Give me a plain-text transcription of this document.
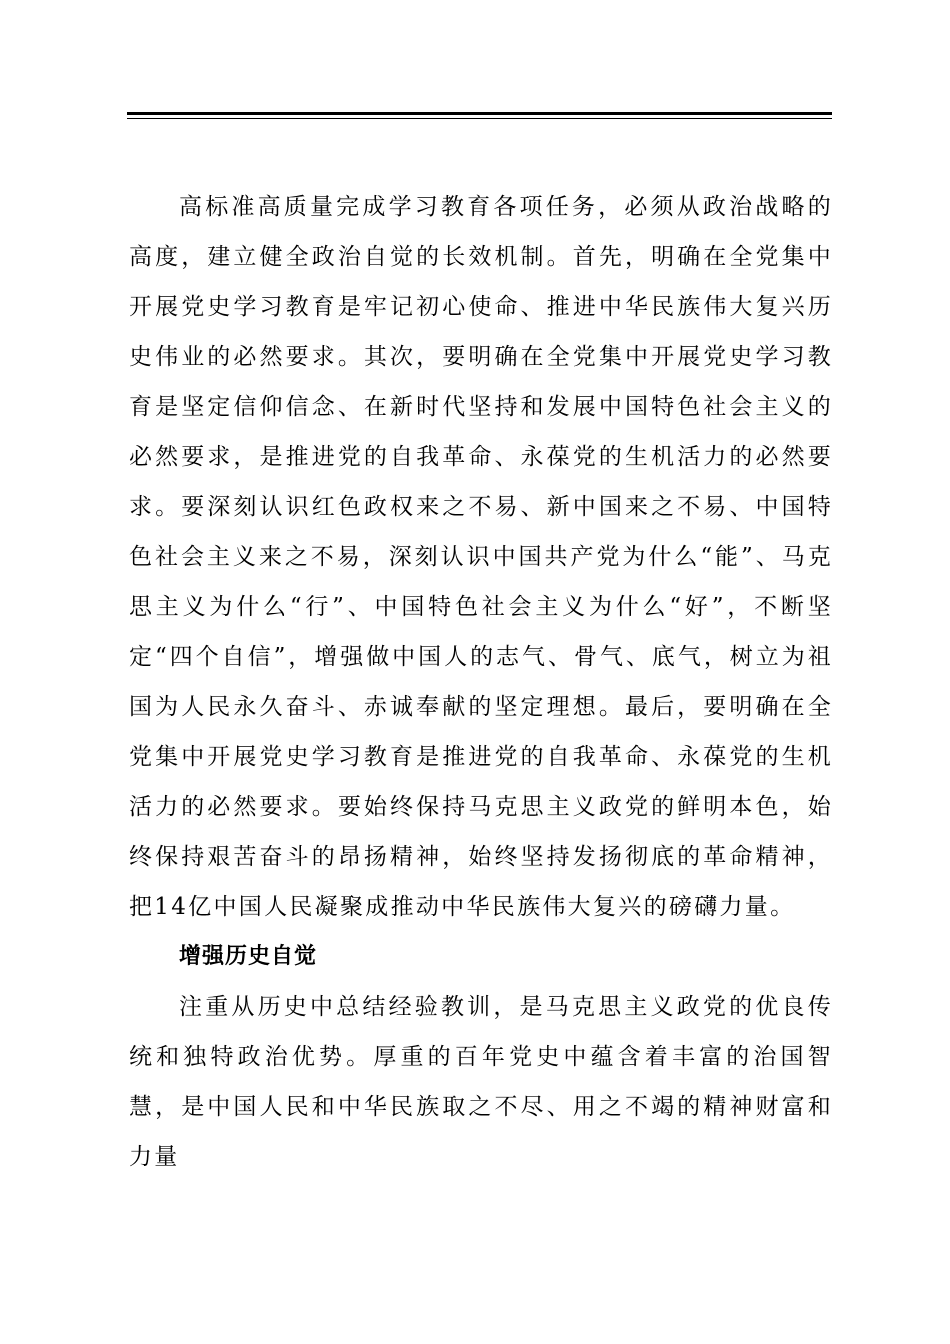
高标准高质量完成学习教育各项任务，必须从政治战略的高度，建立健全政治自觉的长效机制。首先，明确在全党集中开展党史学习教育是牢记初心使命、推进中华民族伟大复兴历史伟业的必然要求。其次，要明确在全党集中开展党史学习教育是坚定信仰信念、在新时代坚持和发展中国特色社会主义的必然要求，是推进党的自我革命、永葆党的生机活力的必然要求。要深刻认识红色政权来之不易、新中国来之不易、中国特色社会主义来之不易，深刻认识中国共产党为什么“能”、马克思主义为什么“行”、中国特色社会主义为什么“好”，不断坚定“四个自信”，增强做中国人的志气、骨气、底气，树立为祖国为人民永久奋斗、赤诚奉献的坚定理想。最后，要明确在全党集中开展党史学习教育是推进党的自我革命、永葆党的生机活力的必然要求。要始终保持马克思主义政党的鲜明本色，始终保持艰苦奋斗的昂扬精神，始终坚持发扬彻底的革命精神，把14亿中国人民凝聚成推动中华民族伟大复兴的磅礴力量。

增强历史自觉

注重从历史中总结经验教训，是马克思主义政党的优良传统和独特政治优势。厚重的百年党史中蕴含着丰富的治国智慧，是中国人民和中华民族取之不尽、用之不竭的精神财富和力量
